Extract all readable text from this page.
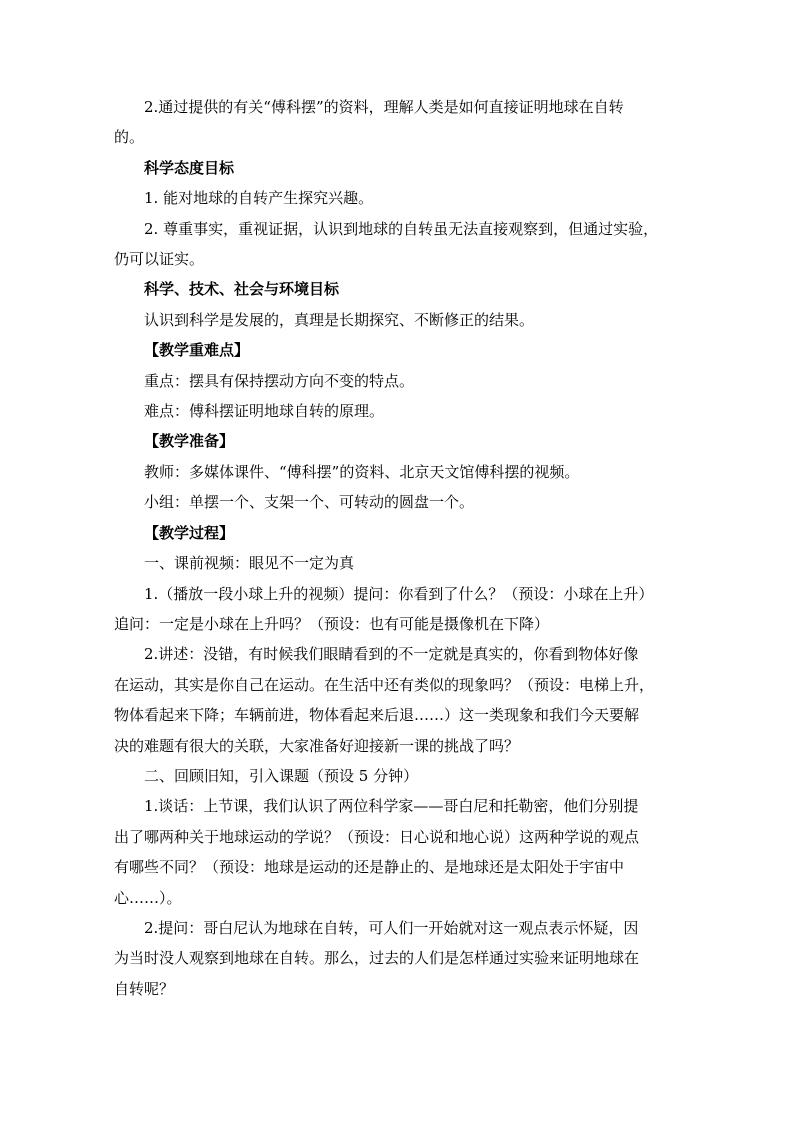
2.通过提供的有关“傅科摆”的资料，理解人类是如何直接证明地球在自转

的。

科学态度目标

1. 能对地球的自转产生探究兴趣。

2. 尊重事实，重视证据，认识到地球的自转虽无法直接观察到，但通过实验，

仍可以证实。

科学、技术、社会与环境目标

认识到科学是发展的，真理是长期探究、不断修正的结果。

【教学重难点】

重点：摆具有保持摆动方向不变的特点。

难点：傅科摆证明地球自转的原理。

【教学准备】

教师：多媒体课件、“傅科摆”的资料、北京天文馆傅科摆的视频。

小组：单摆一个、支架一个、可转动的圆盘一个。

【教学过程】

一、课前视频：眼见不一定为真

1.（播放一段小球上升的视频）提问：你看到了什么？（预设：小球在上升）

追问：一定是小球在上升吗？（预设：也有可能是摄像机在下降）

2.讲述：没错，有时候我们眼睛看到的不一定就是真实的，你看到物体好像

在运动，其实是你自己在运动。在生活中还有类似的现象吗？（预设：电梯上升，

物体看起来下降；车辆前进，物体看起来后退……）这一类现象和我们今天要解

决的难题有很大的关联，大家准备好迎接新一课的挑战了吗？

二、回顾旧知，引入课题（预设 5 分钟）

1.谈话：上节课，我们认识了两位科学家——哥白尼和托勒密，他们分别提

出了哪两种关于地球运动的学说？（预设：日心说和地心说）这两种学说的观点

有哪些不同？（预设：地球是运动的还是静止的、是地球还是太阳处于宇宙中

心……）。

2.提问：哥白尼认为地球在自转，可人们一开始就对这一观点表示怀疑，因

为当时没人观察到地球在自转。那么，过去的人们是怎样通过实验来证明地球在

自转呢？
